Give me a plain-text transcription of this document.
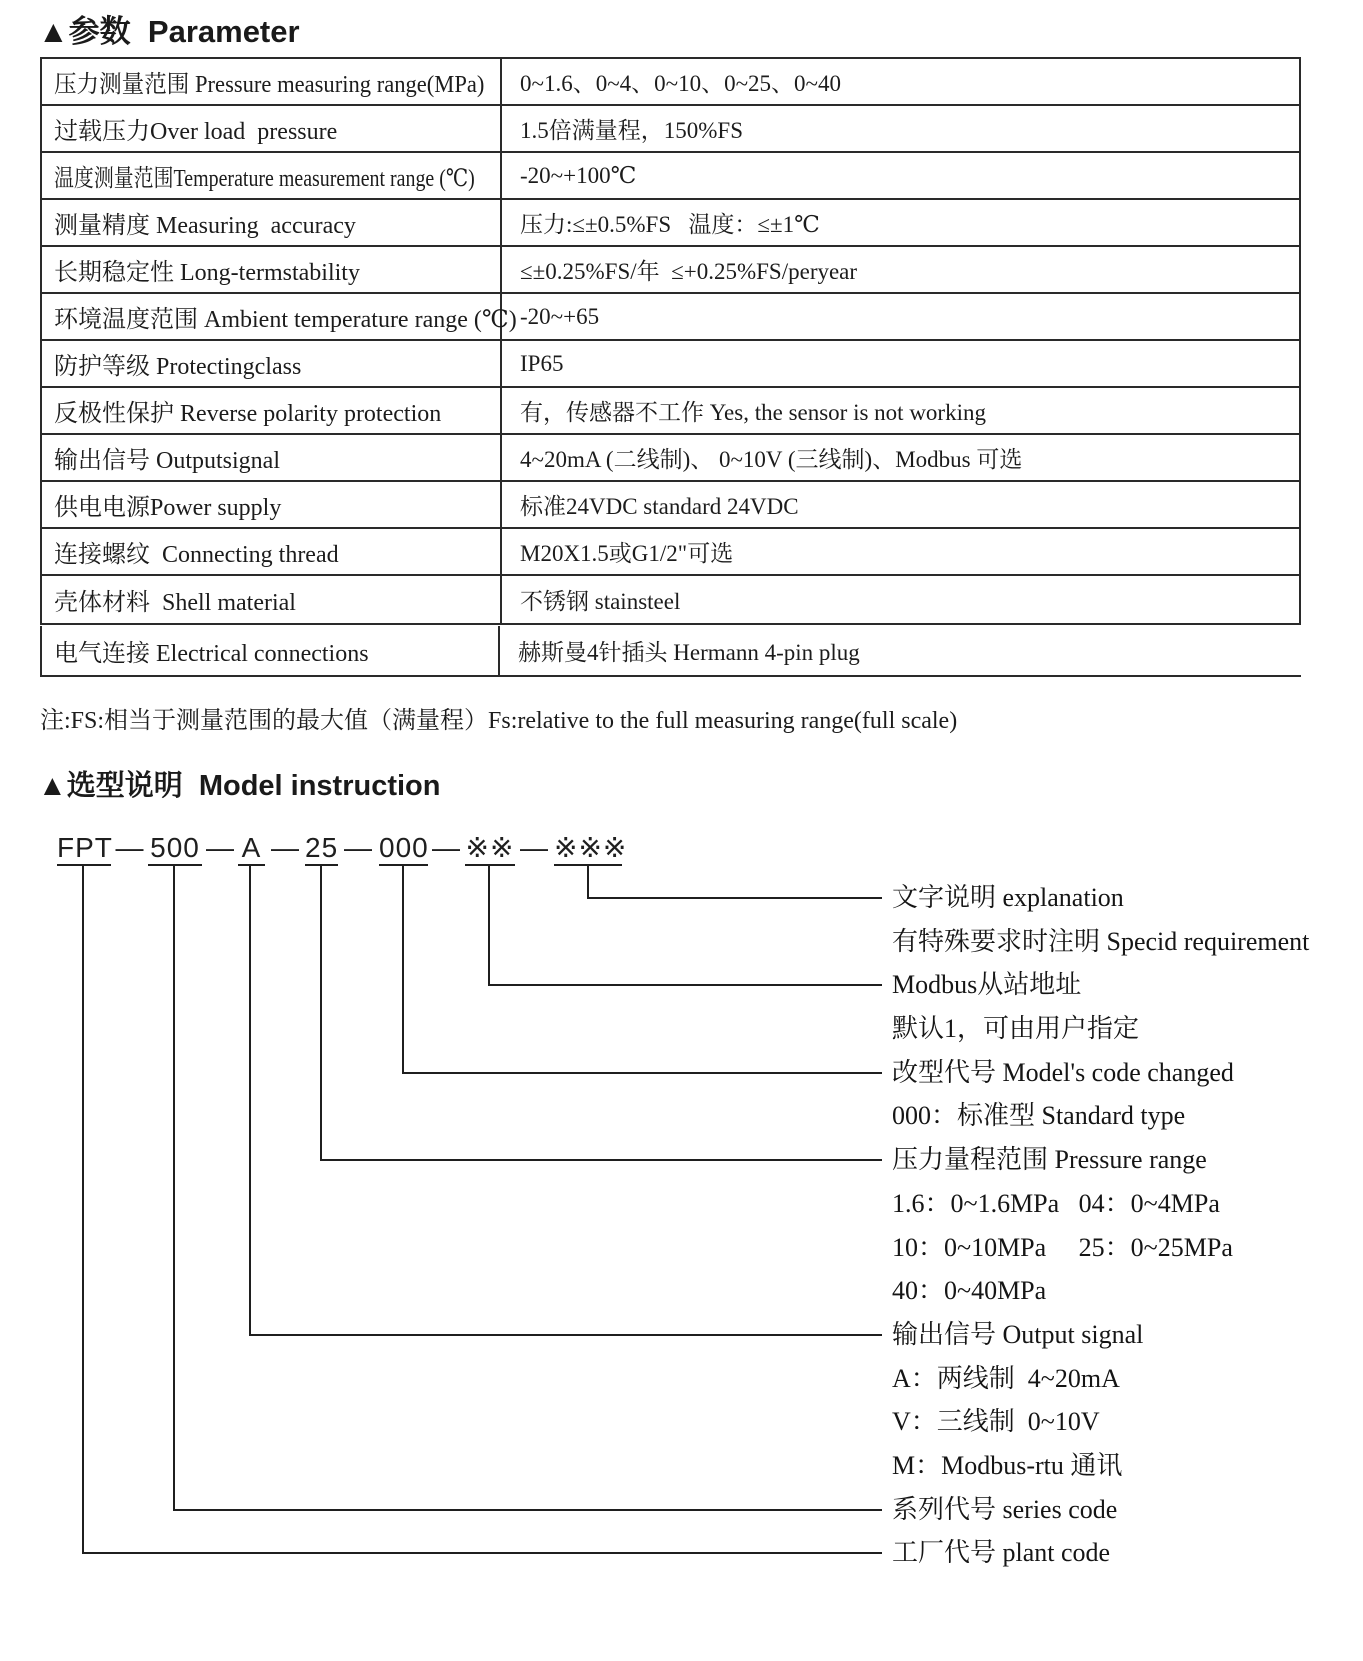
▲参数  Parameter
压力测量范围 Pressure measuring range(MPa)	0~1.6、0~4、0~10、0~25、0~40
过载压力Over load  pressure	1.5倍满量程，150%FS
温度测量范围Temperature measurement range (℃)	-20~+100℃
测量精度 Measuring  accuracy	压力:≤±0.5%FS   温度：≤±1℃
长期稳定性 Long-termstability	≤±0.25%FS/年  ≤+0.25%FS/peryear
环境温度范围 Ambient temperature range (℃) -20~+65
防护等级 Protectingclass	IP65
反极性保护 Reverse polarity protection	有，传感器不工作 Yes, the sensor is not working
输出信号 Outputsignal	4~20mA (二线制)、 0~10V (三线制)、Modbus 可选
供电电源Power supply	标准24VDC standard 24VDC
连接螺纹  Connecting thread	M20X1.5或G1/2"可选
壳体材料  Shell material	不锈钢 stainsteel
电气连接 Electrical connections	赫斯曼4针插头 Hermann 4-pin plug
注:FS:相当于测量范围的最大值（满量程）Fs:relative to the full measuring range(full scale)
▲选型说明  Model instruction
FPT — 500 — A — 25 — 000 — ※※ — ※※※
文字说明 explanation
有特殊要求时注明 Specid requirement
Modbus从站地址
默认1，可由用户指定
改型代号 Model's code changed
000：标准型 Standard type
压力量程范围 Pressure range
1.6：0~1.6MPa   04：0~4MPa
10：0~10MPa     25：0~25MPa
40：0~40MPa
输出信号 Output signal
A：两线制  4~20mA
V：三线制  0~10V
M：Modbus-rtu 通讯
系列代号 series code
工厂代号 plant code
